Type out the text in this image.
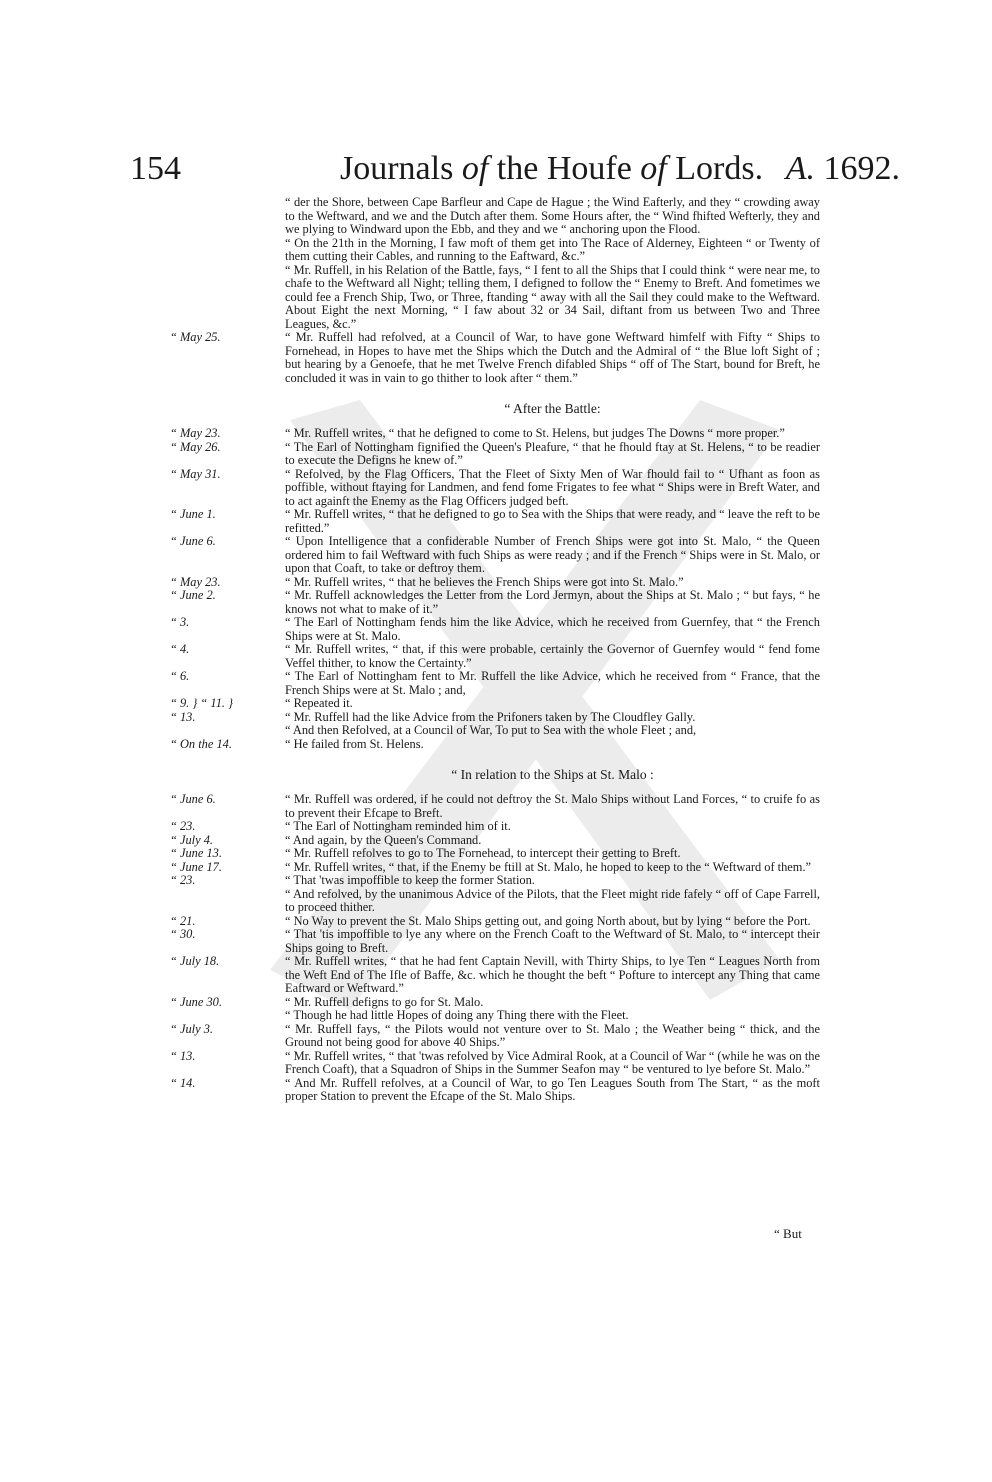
154	Journals of the Houfe of Lords. A. 1692.
“ der the Shore, between Cape Barfleur and Cape de Hague ; the Wind Eafterly, and they “ crowding away to the Weftward, and we and the Dutch after them. Some Hours after, the “ Wind fhifted Wefterly, they and we plying to Windward upon the Ebb, and they and we “ anchoring upon the Flood.
“ On the 21th in the Morning, I faw moft of them get into The Race of Alderney, Eighteen “ or Twenty of them cutting their Cables, and running to the Eaftward, &c.”
“ Mr. Ruffell, in his Relation of the Battle, fays, “ I fent to all the Ships that I could think “ were near me, to chafe to the Weftward all Night; telling them, I defigned to follow the “ Enemy to Breft. And fometimes we could fee a French Ship, Two, or Three, ftanding “ away with all the Sail they could make to the Weftward. About Eight the next Morning, “ I faw about 32 or 34 Sail, diftant from us between Two and Three Leagues, &c.”
“ May 25.	“ Mr. Ruffell had refolved, at a Council of War, to have gone Weftward himfelf with Fifty “ Ships to Fornehead, in Hopes to have met the Ships which the Dutch and the Admiral of “ the Blue loft Sight of ; but hearing by a Genoefe, that he met Twelve French difabled Ships “ off of The Start, bound for Breft, he concluded it was in vain to go thither to look after “ them.”
“ After the Battle:
“ May 23.	“ Mr. Ruffell writes, “ that he defigned to come to St. Helens, but judges The Downs “ more proper.”
“ May 26.	“ The Earl of Nottingham fignified the Queen's Pleafure, “ that he fhould ftay at St. Helens, “ to be readier to execute the Defigns he knew of.”
“ May 31.	“ Refolved, by the Flag Officers, That the Fleet of Sixty Men of War fhould fail to “ Ufhant as foon as poffible, without ftaying for Landmen, and fend fome Frigates to fee what “ Ships were in Breft Water, and to act againft the Enemy as the Flag Officers judged beft.
“ June 1.	“ Mr. Ruffell writes, “ that he defigned to go to Sea with the Ships that were ready, and “ leave the reft to be refitted.”
“ June 6.	“ Upon Intelligence that a confiderable Number of French Ships were got into St. Malo, “ the Queen ordered him to fail Weftward with fuch Ships as were ready ; and if the French “ Ships were in St. Malo, or upon that Coaft, to take or deftroy them.
“ May 23.	“ Mr. Ruffell writes, “ that he believes the French Ships were got into St. Malo.”
“ June 2.	“ Mr. Ruffell acknowledges the Letter from the Lord Jermyn, about the Ships at St. Malo ; “ but fays, “ he knows not what to make of it.”
“ 3.	“ The Earl of Nottingham fends him the like Advice, which he received from Guernfey, that “ the French Ships were at St. Malo.
“ 4.	“ Mr. Ruffell writes, “ that, if this were probable, certainly the Governor of Guernfey would “ fend fome Veffel thither, to know the Certainty.”
“ 6.	“ The Earl of Nottingham fent to Mr. Ruffell the like Advice, which he received from “ France, that the French Ships were at St. Malo ; and,
“ 9. } “ 11. }	“ Repeated it.
“ 13.	“ Mr. Ruffell had the like Advice from the Prifoners taken by The Cloudfley Gally.
“ And then Refolved, at a Council of War, To put to Sea with the whole Fleet ; and,
“ On the 14.	“ He failed from St. Helens.
“ In relation to the Ships at St. Malo :
“ June 6.	“ Mr. Ruffell was ordered, if he could not deftroy the St. Malo Ships without Land Forces, “ to cruife fo as to prevent their Efcape to Breft.
“ 23.	“ The Earl of Nottingham reminded him of it.
“ July 4.	“ And again, by the Queen's Command.
“ June 13.	“ Mr. Ruffell refolves to go to The Fornehead, to intercept their getting to Breft.
“ June 17.	“ Mr. Ruffell writes, “ that, if the Enemy be ftill at St. Malo, he hoped to keep to the “ Weftward of them.”
“ 23.	“ That 'twas impoffible to keep the former Station.
“ And refolved, by the unanimous Advice of the Pilots, that the Fleet might ride fafely “ off of Cape Farrell, to proceed thither.
“ 21.	“ No Way to prevent the St. Malo Ships getting out, and going North about, but by lying “ before the Port.
“ 30.	“ That 'tis impoffible to lye any where on the French Coaft to the Weftward of St. Malo, to “ intercept their Ships going to Breft.
“ July 18.	“ Mr. Ruffell writes, “ that he had fent Captain Nevill, with Thirty Ships, to lye Ten “ Leagues North from the Weft End of The Ifle of Baffe, &c. which he thought the beft “ Pofture to intercept any Thing that came Eaftward or Weftward.”
“ June 30.	“ Mr. Ruffell defigns to go for St. Malo.
“ Though he had little Hopes of doing any Thing there with the Fleet.
“ July 3.	“ Mr. Ruffell fays, “ the Pilots would not venture over to St. Malo ; the Weather being “ thick, and the Ground not being good for above 40 Ships.”
“ 13.	“ Mr. Ruffell writes, “ that 'twas refolved by Vice Admiral Rook, at a Council of War “ (while he was on the French Coaft), that a Squadron of Ships in the Summer Seafon may “ be ventured to lye before St. Malo.”
“ 14.	“ And Mr. Ruffell refolves, at a Council of War, to go Ten Leagues South from The Start, “ as the moft proper Station to prevent the Efcape of the St. Malo Ships.
“ But
